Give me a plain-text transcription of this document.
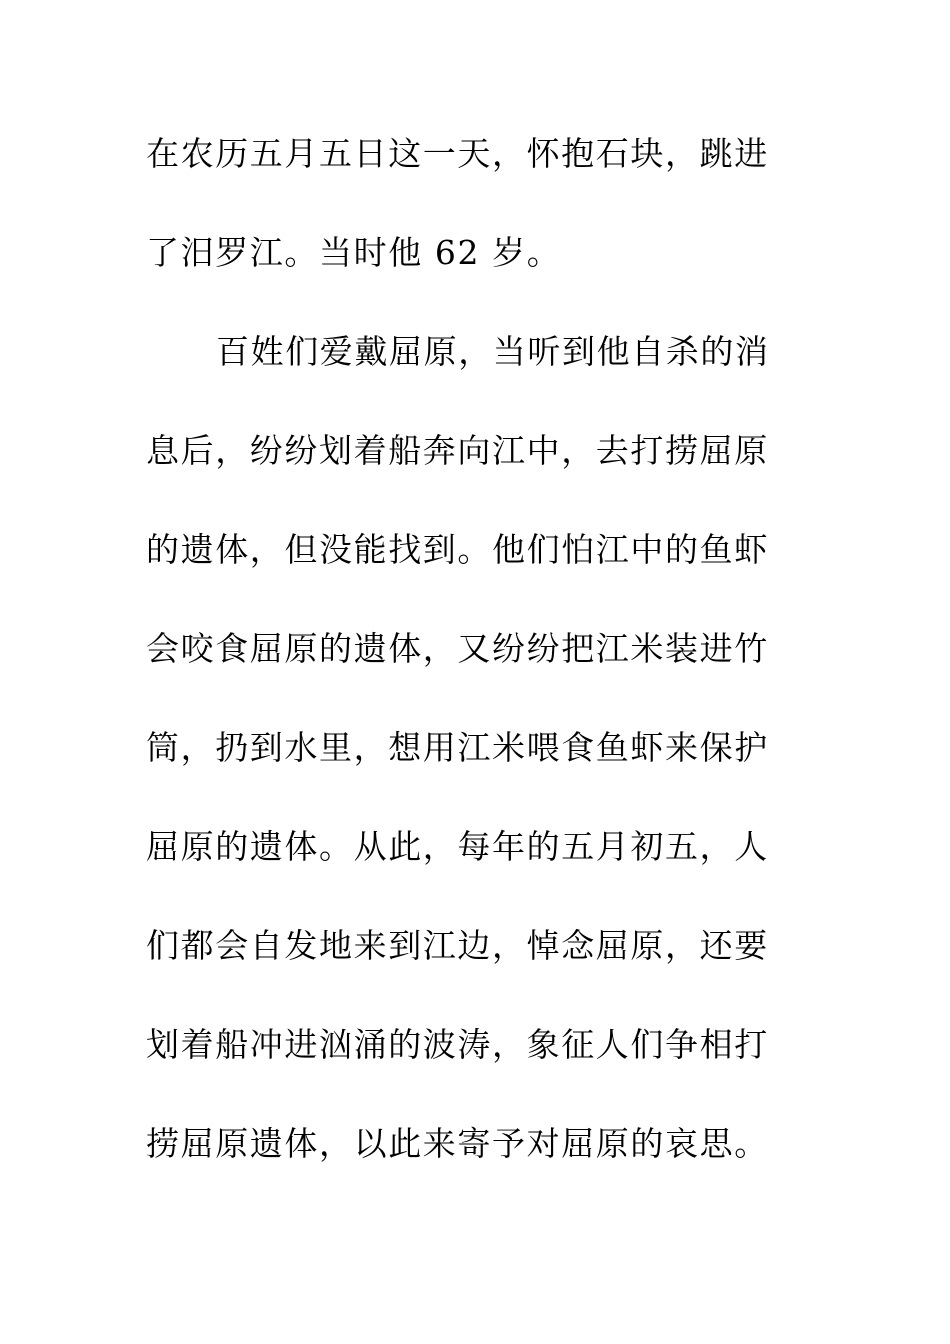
在农历五月五日这一天，怀抱石块，跳进
了汨罗江。当时他 62 岁。
百姓们爱戴屈原，当听到他自杀的消
息后，纷纷划着船奔向江中，去打捞屈原
的遗体，但没能找到。他们怕江中的鱼虾
会咬食屈原的遗体，又纷纷把江米装进竹
筒，扔到水里，想用江米喂食鱼虾来保护
屈原的遗体。从此，每年的五月初五，人
们都会自发地来到江边，悼念屈原，还要
划着船冲进汹涌的波涛，象征人们争相打
捞屈原遗体，以此来寄予对屈原的哀思。
